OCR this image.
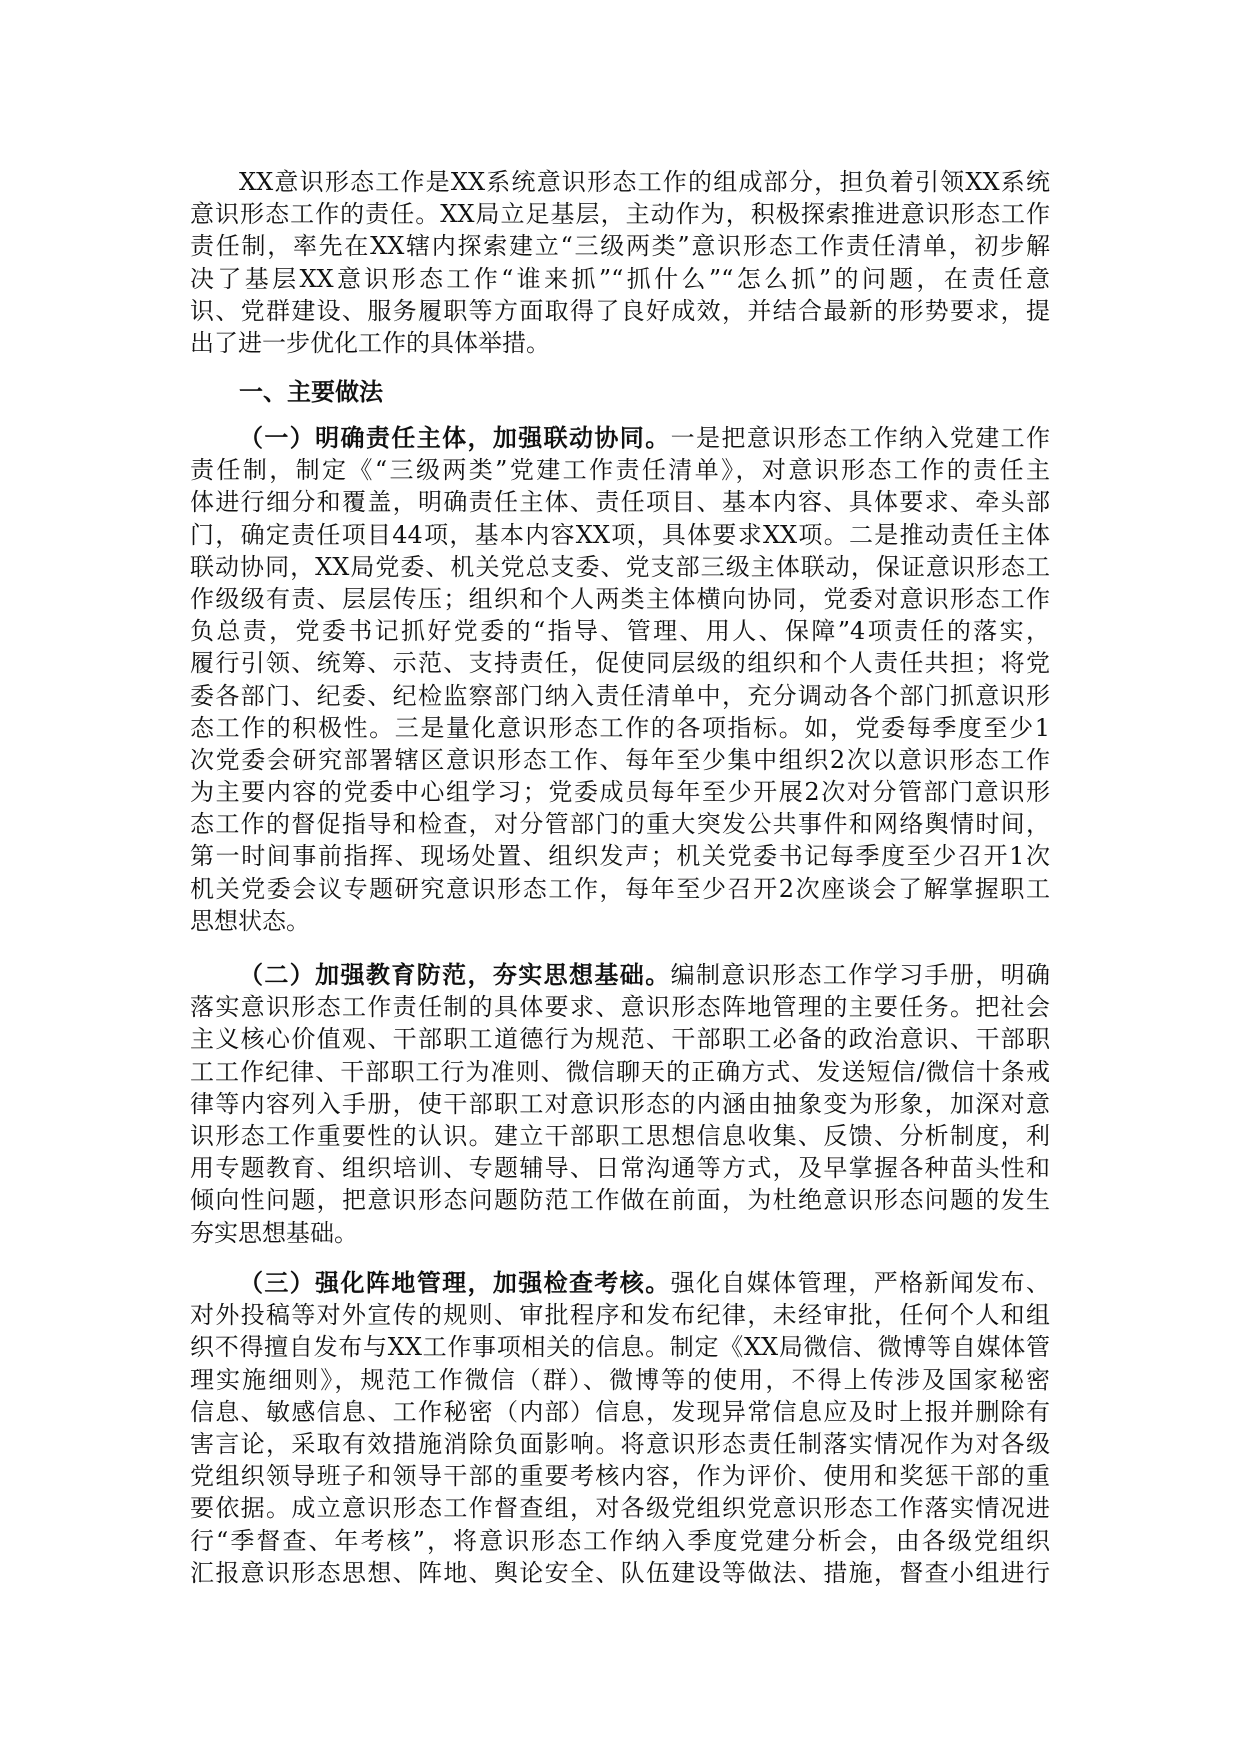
XX意识形态工作是XX系统意识形态工作的组成部分，担负着引领XX系统
意识形态工作的责任。XX局立足基层，主动作为，积极探索推进意识形态工作
责任制，率先在XX辖内探索建立“三级两类”意识形态工作责任清单，初步解
决了基层XX意识形态工作“谁来抓”“抓什么”“怎么抓”的问题，在责任意
识、党群建设、服务履职等方面取得了良好成效，并结合最新的形势要求，提
出了进一步优化工作的具体举措。
一、主要做法
（一）明确责任主体，加强联动协同。一是把意识形态工作纳入党建工作
责任制，制定《“三级两类”党建工作责任清单》，对意识形态工作的责任主
体进行细分和覆盖，明确责任主体、责任项目、基本内容、具体要求、牵头部
门，确定责任项目44项，基本内容XX项，具体要求XX项。二是推动责任主体
联动协同，XX局党委、机关党总支委、党支部三级主体联动，保证意识形态工
作级级有责、层层传压；组织和个人两类主体横向协同，党委对意识形态工作
负总责，党委书记抓好党委的“指导、管理、用人、保障”4项责任的落实，
履行引领、统筹、示范、支持责任，促使同层级的组织和个人责任共担；将党
委各部门、纪委、纪检监察部门纳入责任清单中，充分调动各个部门抓意识形
态工作的积极性。三是量化意识形态工作的各项指标。如，党委每季度至少1
次党委会研究部署辖区意识形态工作、每年至少集中组织2次以意识形态工作
为主要内容的党委中心组学习；党委成员每年至少开展2次对分管部门意识形
态工作的督促指导和检查，对分管部门的重大突发公共事件和网络舆情时间，
第一时间事前指挥、现场处置、组织发声；机关党委书记每季度至少召开1次
机关党委会议专题研究意识形态工作，每年至少召开2次座谈会了解掌握职工
思想状态。
（二）加强教育防范，夯实思想基础。编制意识形态工作学习手册，明确
落实意识形态工作责任制的具体要求、意识形态阵地管理的主要任务。把社会
主义核心价值观、干部职工道德行为规范、干部职工必备的政治意识、干部职
工工作纪律、干部职工行为准则、微信聊天的正确方式、发送短信/微信十条戒
律等内容列入手册，使干部职工对意识形态的内涵由抽象变为形象，加深对意
识形态工作重要性的认识。建立干部职工思想信息收集、反馈、分析制度，利
用专题教育、组织培训、专题辅导、日常沟通等方式，及早掌握各种苗头性和
倾向性问题，把意识形态问题防范工作做在前面，为杜绝意识形态问题的发生
夯实思想基础。
（三）强化阵地管理，加强检查考核。强化自媒体管理，严格新闻发布、
对外投稿等对外宣传的规则、审批程序和发布纪律，未经审批，任何个人和组
织不得擅自发布与XX工作事项相关的信息。制定《XX局微信、微博等自媒体管
理实施细则》，规范工作微信（群）、微博等的使用，不得上传涉及国家秘密
信息、敏感信息、工作秘密（内部）信息，发现异常信息应及时上报并删除有
害言论，采取有效措施消除负面影响。将意识形态责任制落实情况作为对各级
党组织领导班子和领导干部的重要考核内容，作为评价、使用和奖惩干部的重
要依据。成立意识形态工作督查组，对各级党组织党意识形态工作落实情况进
行“季督查、年考核”，将意识形态工作纳入季度党建分析会，由各级党组织
汇报意识形态思想、阵地、舆论安全、队伍建设等做法、措施，督查小组进行
